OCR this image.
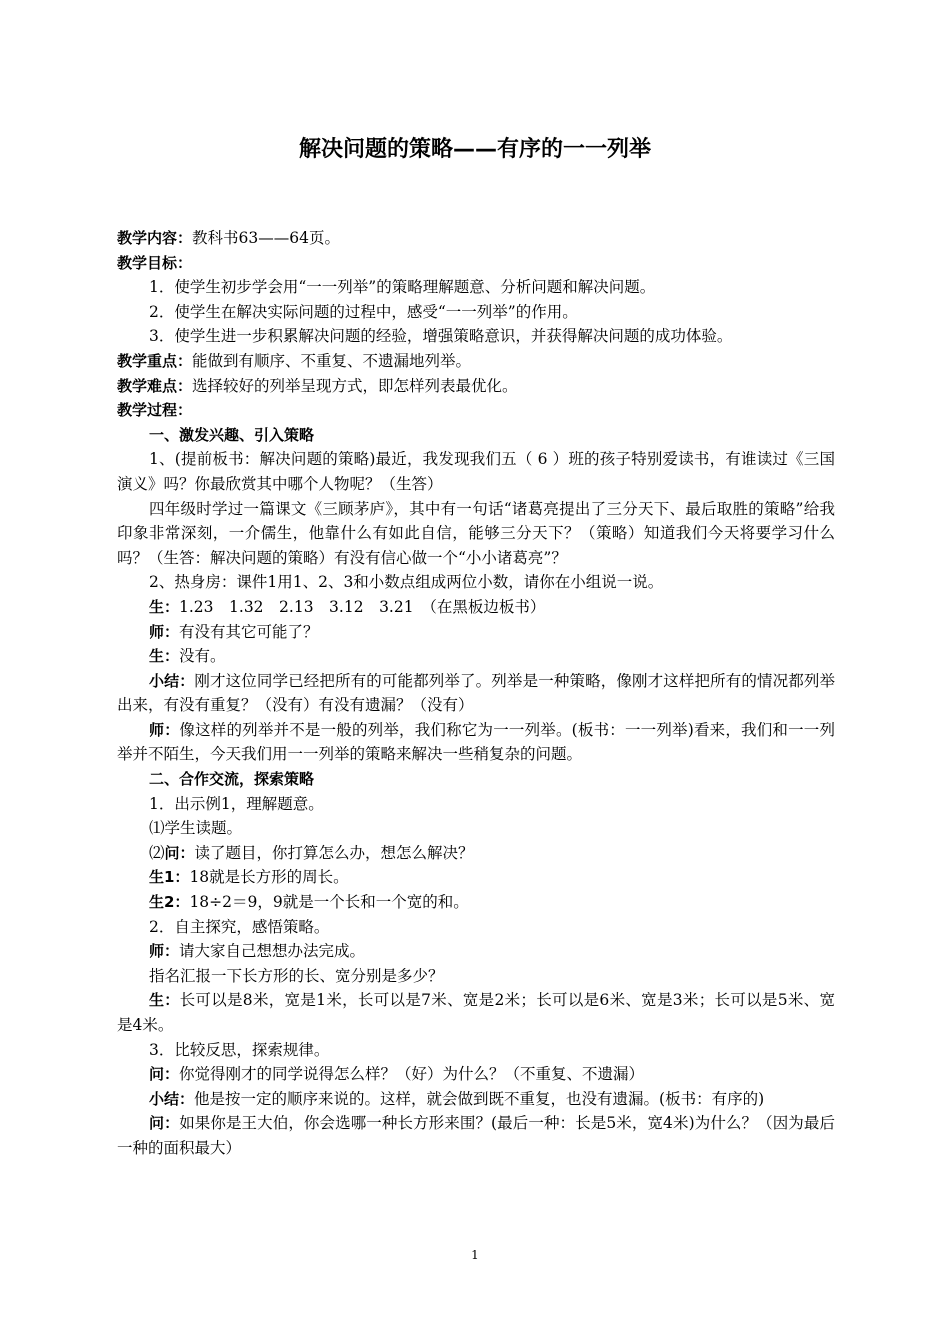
解决问题的策略——有序的一一列举

教学内容：教科书63——64页。

教学目标：

1．使学生初步学会用“一一列举”的策略理解题意、分析问题和解决问题。

2．使学生在解决实际问题的过程中，感受“一一列举”的作用。

3．使学生进一步积累解决问题的经验，增强策略意识，并获得解决问题的成功体验。

教学重点：能做到有顺序、不重复、不遗漏地列举。

教学难点：选择较好的列举呈现方式，即怎样列表最优化。

教学过程：

一、激发兴趣、引入策略

1、(提前板书：解决问题的策略)最近，我发现我们五（ 6 ）班的孩子特别爱读书，有谁读过《三国演义》吗？你最欣赏其中哪个人物呢？（生答）

四年级时学过一篇课文《三顾茅庐》，其中有一句话“诸葛亮提出了三分天下、最后取胜的策略”给我印象非常深刻，一介儒生，他靠什么有如此自信，能够三分天下？（策略）知道我们今天将要学习什么吗？（生答：解决问题的策略）有没有信心做一个“小小诸葛亮”？

2、热身房：课件1用1、2、3和小数点组成两位小数，请你在小组说一说。

生：1.23　1.32　2.13　3.12　3.21　（在黑板边板书）

师：有没有其它可能了？

生：没有。

小结：刚才这位同学已经把所有的可能都列举了。列举是一种策略，像刚才这样把所有的情况都列举出来，有没有重复？（没有）有没有遗漏？（没有）

师：像这样的列举并不是一般的列举，我们称它为一一列举。(板书：一一列举)看来，我们和一一列举并不陌生，今天我们用一一列举的策略来解决一些稍复杂的问题。

二、合作交流，探索策略

1．出示例1，理解题意。

⑴学生读题。

⑵问：读了题目，你打算怎么办，想怎么解决？

生1：18就是长方形的周长。

生2：18÷2＝9，9就是一个长和一个宽的和。

2．自主探究，感悟策略。

师：请大家自己想想办法完成。

指名汇报一下长方形的长、宽分别是多少？

生：长可以是8米，宽是1米，长可以是7米、宽是2米；长可以是6米、宽是3米；长可以是5米、宽是4米。

3．比较反思，探索规律。

问：你觉得刚才的同学说得怎么样？（好）为什么？（不重复、不遗漏）

小结：他是按一定的顺序来说的。这样，就会做到既不重复，也没有遗漏。(板书：有序的)

问：如果你是王大伯，你会选哪一种长方形来围？(最后一种：长是5米，宽4米)为什么？（因为最后一种的面积最大）

1
